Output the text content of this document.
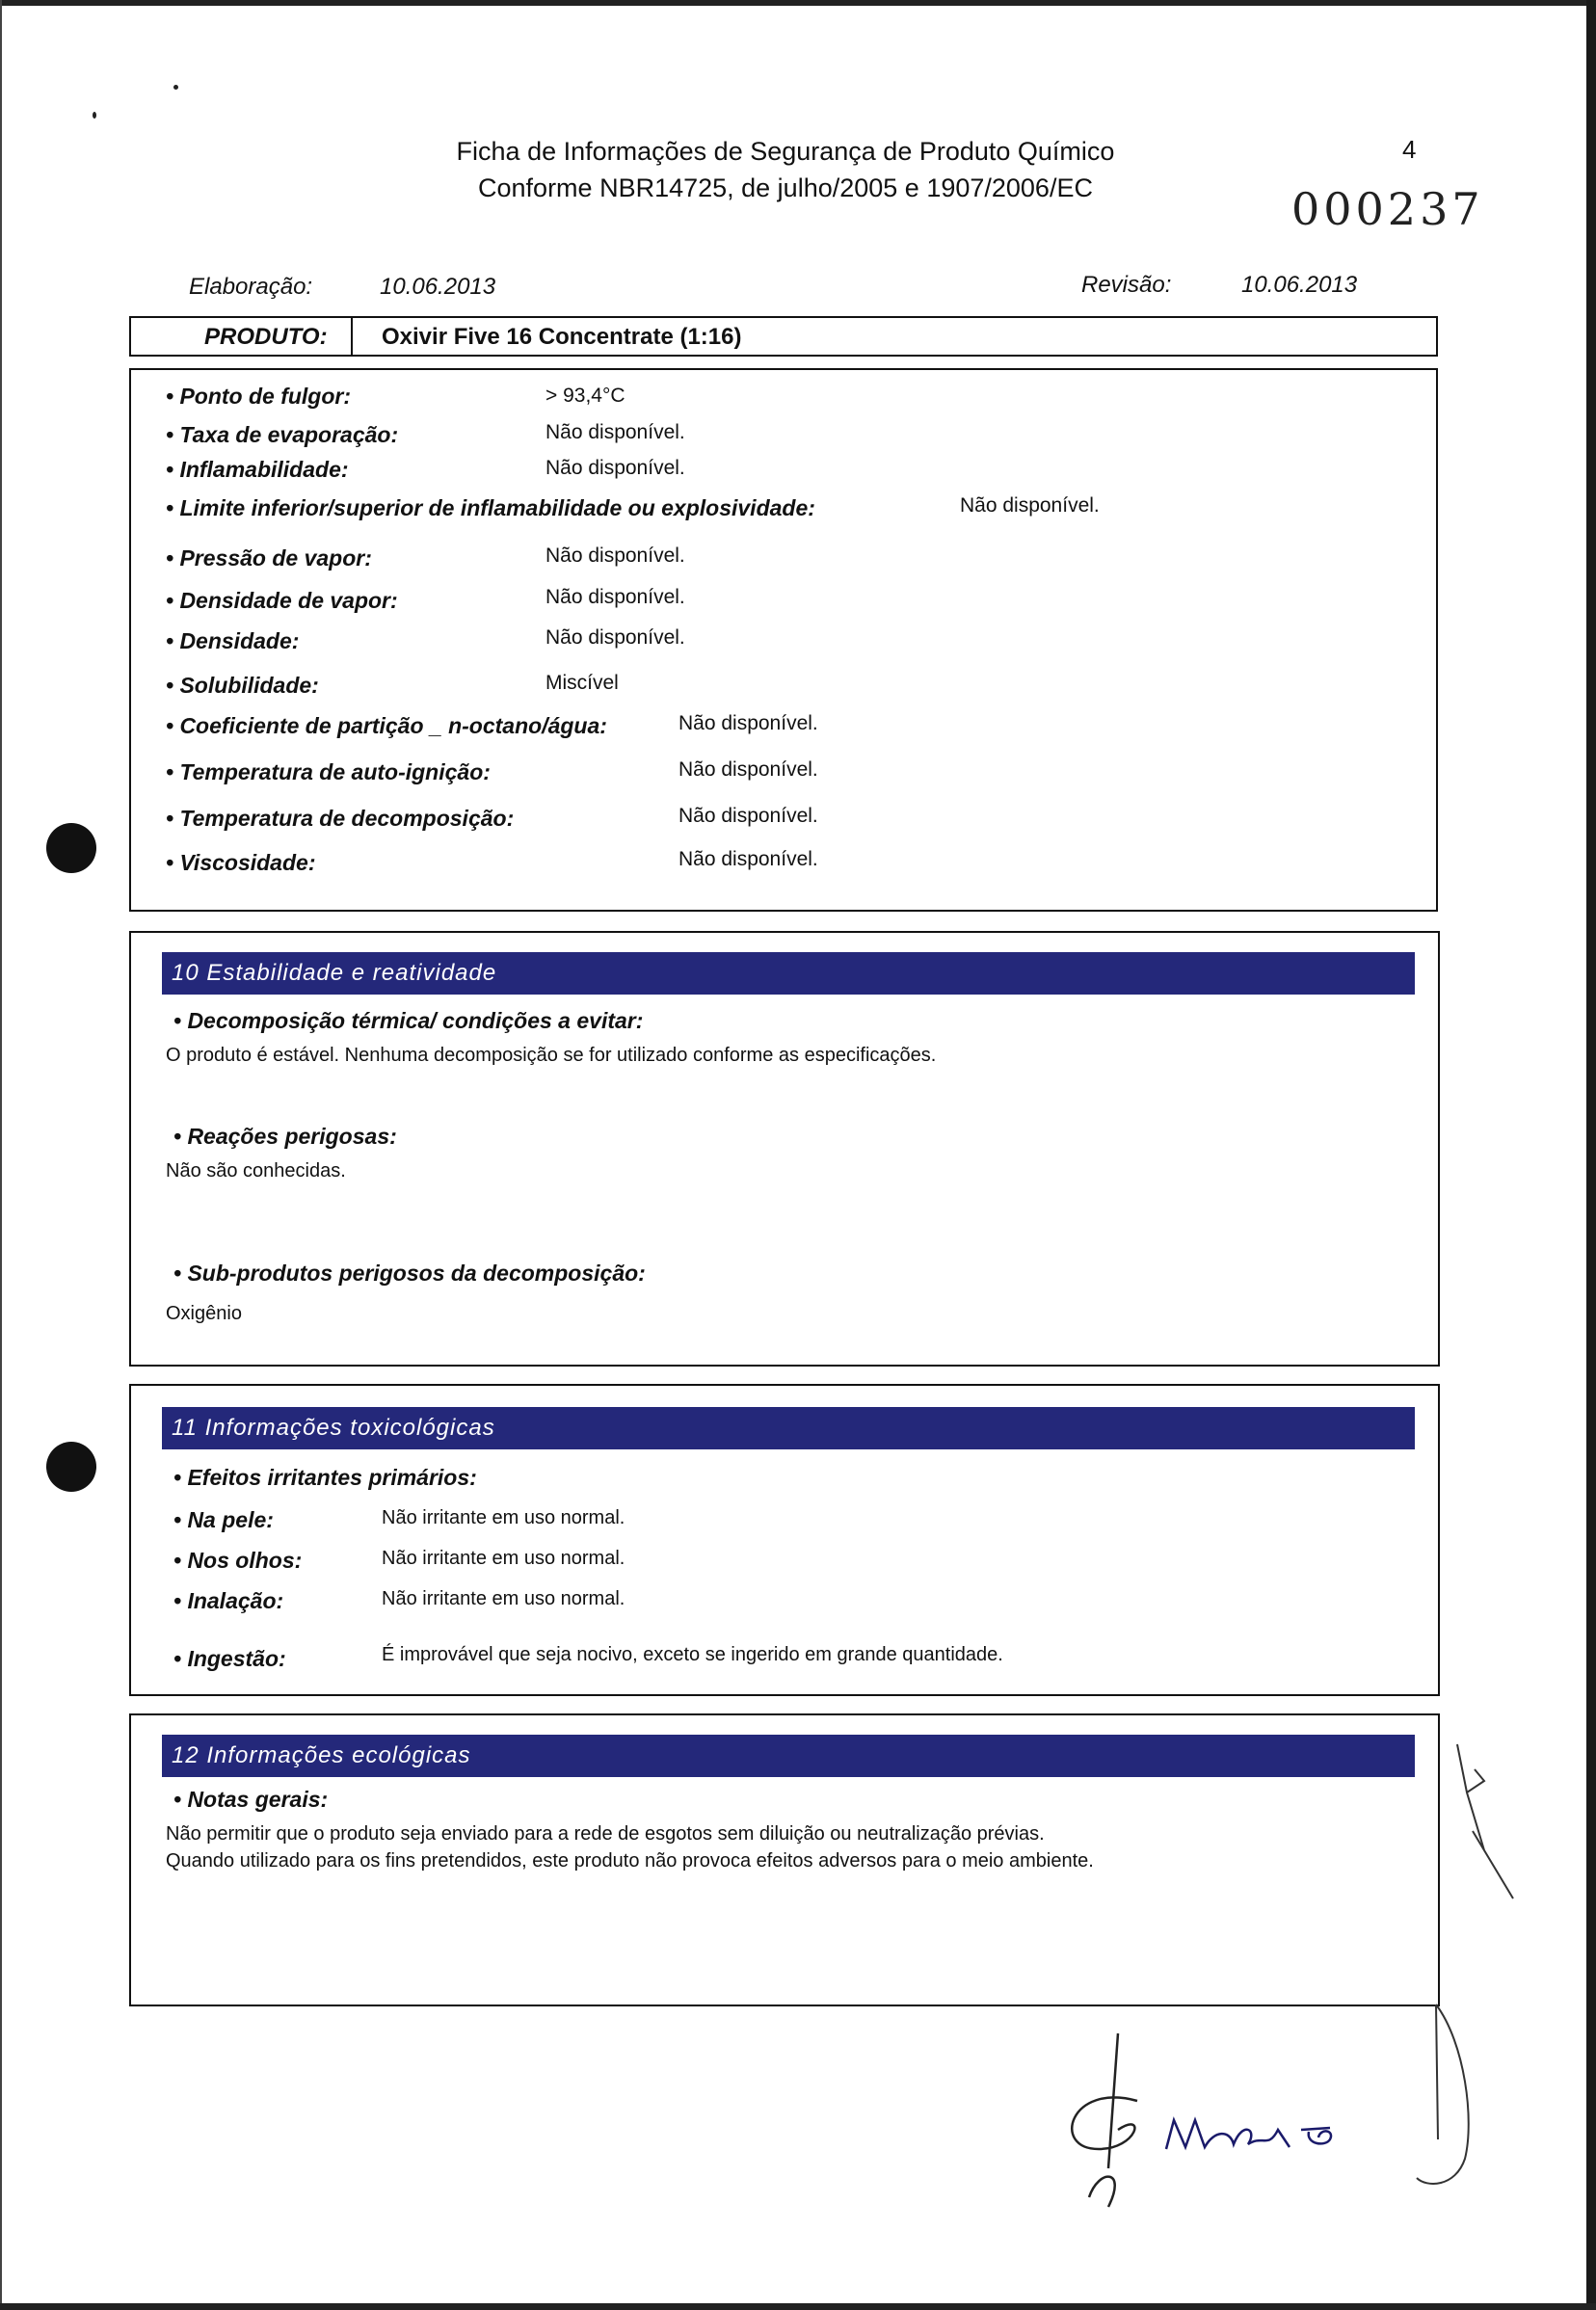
Ficha de Informações de Segurança de Produto Químico
Conforme NBR14725, de julho/2005 e 1907/2006/EC
4
000237
Elaboração:	10.06.2013	Revisão:	10.06.2013
PRODUTO: Oxivir Five 16 Concentrate (1:16)
• Ponto de fulgor:	> 93,4°C
• Taxa de evaporação:	Não disponível.
• Inflamabilidade:	Não disponível.
• Limite inferior/superior de inflamabilidade ou explosividade:	Não disponível.
• Pressão de vapor:	Não disponível.
• Densidade de vapor:	Não disponível.
• Densidade:	Não disponível.
• Solubilidade:	Miscível
• Coeficiente de partição _ n-octano/água:	Não disponível.
• Temperatura de auto-ignição:	Não disponível.
• Temperatura de decomposição:	Não disponível.
• Viscosidade:	Não disponível.
10 Estabilidade e reatividade
• Decomposição térmica/ condições a evitar:
O produto é estável. Nenhuma decomposição se for utilizado conforme as especificações.
• Reações perigosas:
Não são conhecidas.
• Sub-produtos perigosos da decomposição:
Oxigênio
11 Informações toxicológicas
• Efeitos irritantes primários:
• Na pele:	Não irritante em uso normal.
• Nos olhos:	Não irritante em uso normal.
• Inalação:	Não irritante em uso normal.
• Ingestão:	É improvável que seja nocivo, exceto se ingerido em grande quantidade.
12 Informações ecológicas
• Notas gerais:
Não permitir que o produto seja enviado para a rede de esgotos sem diluição ou neutralização prévias.
Quando utilizado para os fins pretendidos, este produto não provoca efeitos adversos para o meio ambiente.
